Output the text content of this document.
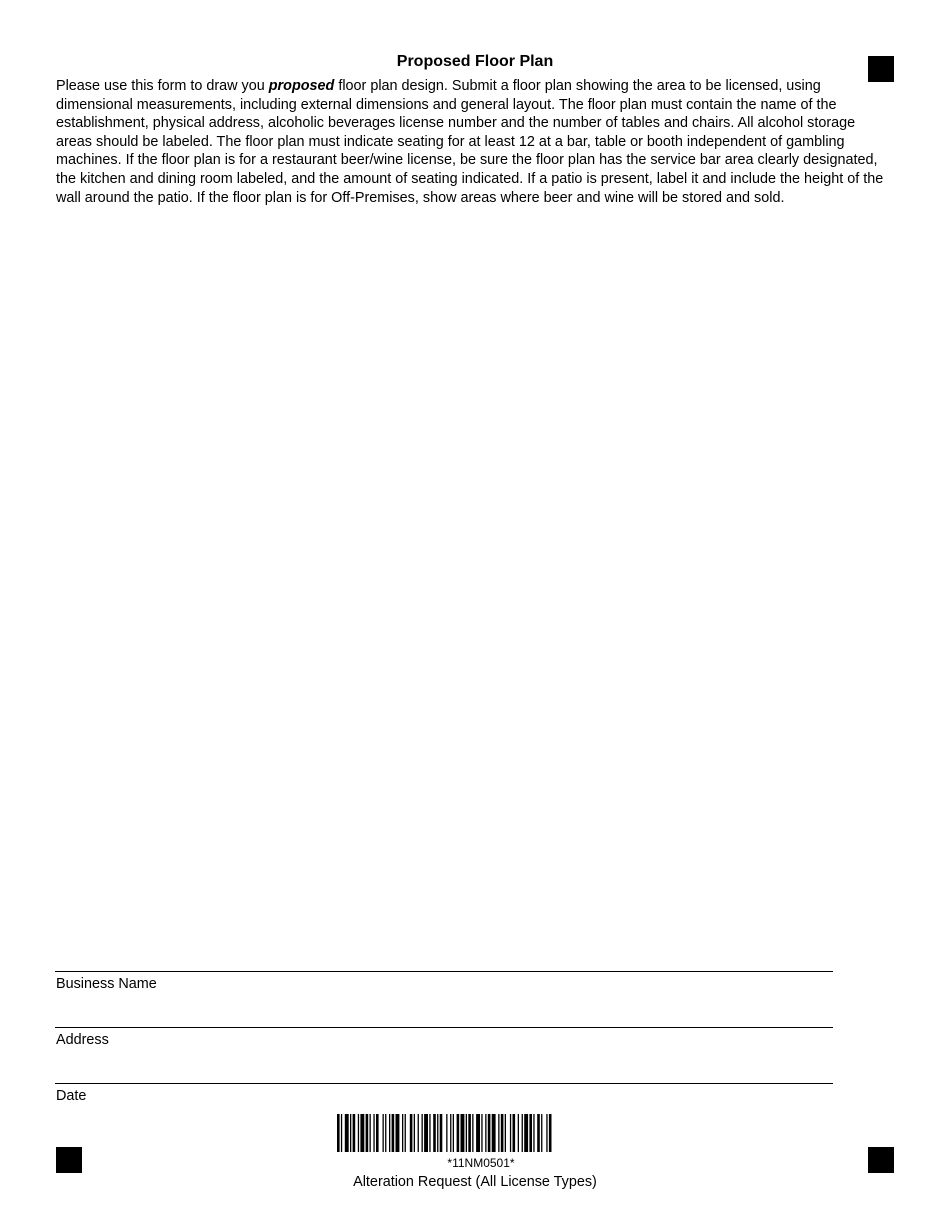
Proposed Floor Plan

Please use this form to draw you proposed floor plan design. Submit a floor plan showing the area to be licensed, using dimensional measurements, including external dimensions and general layout. The floor plan must contain the name of the establishment, physical address, alcoholic beverages license number and the number of tables and chairs. All alcohol storage areas should be labeled. The floor plan must indicate seating for at least 12 at a bar, table or booth independent of gambling machines. If the floor plan is for a restaurant beer/wine license, be sure the floor plan has the service bar area clearly designated, the kitchen and dining room labeled, and the amount of seating indicated. If a patio is present, label it and include the height of the wall around the patio. If the floor plan is for Off-Premises, show areas where beer and wine will be stored and sold.

Business Name
Address
Date
*11NM0501*
Alteration Request (All License Types)
